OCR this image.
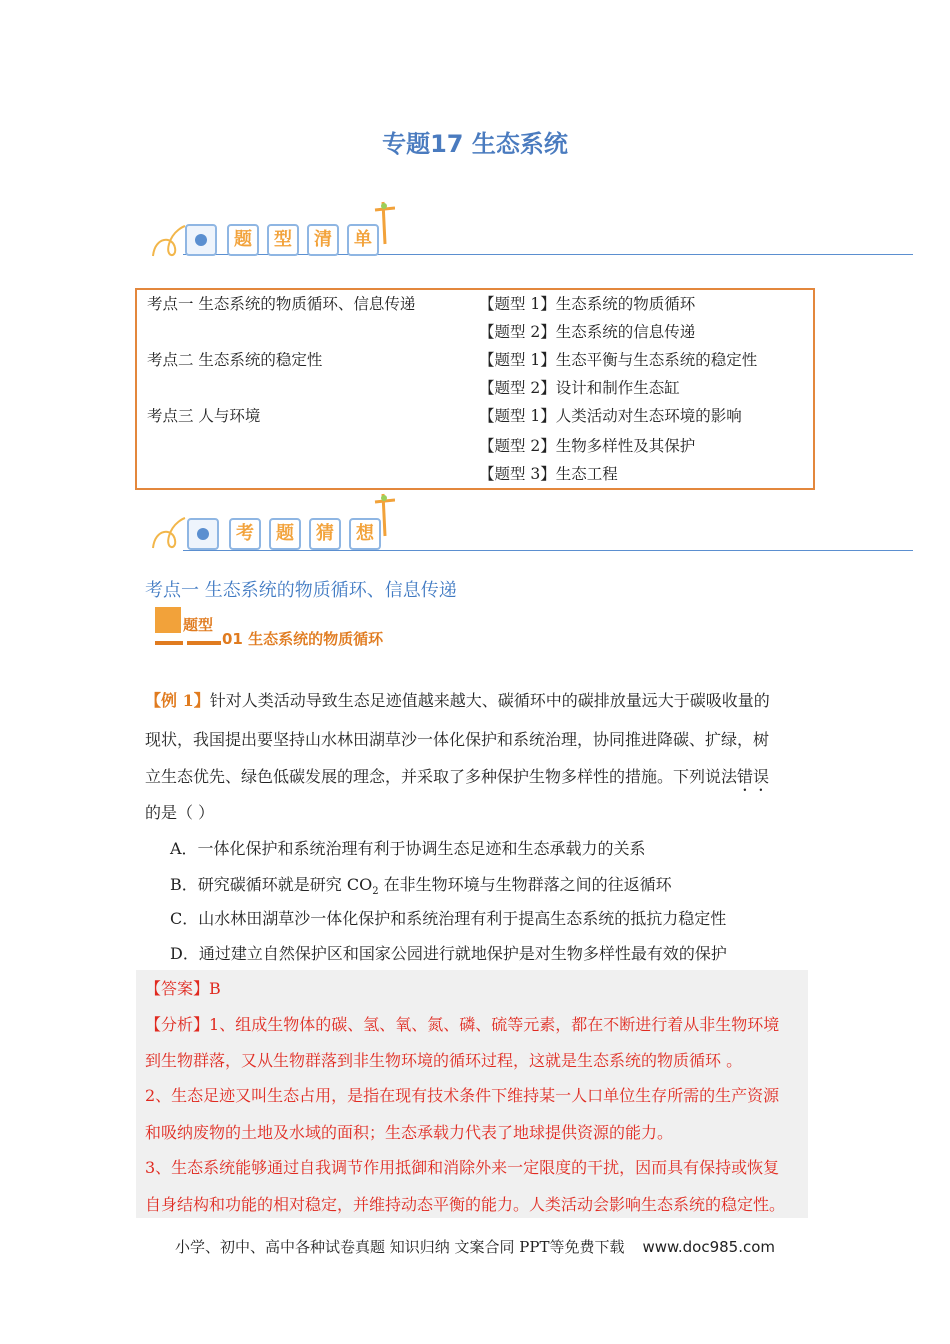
专题17 生态系统
题	型	清	单
考点一 生态系统的物质循环、信息传递	【题型 1】生态系统的物质循环
【题型 2】生态系统的信息传递
考点二 生态系统的稳定性	【题型 1】生态平衡与生态系统的稳定性
【题型 2】设计和制作生态缸
考点三 人与环境	【题型 1】人类活动对生态环境的影响
【题型 2】生物多样性及其保护
【题型 3】生态工程
考	题	猜	想
考点一 生态系统的物质循环、信息传递
题型
01 生态系统的物质循环
【例 1】针对人类活动导致生态足迹值越来越大、碳循环中的碳排放量远大于碳吸收量的
现状，我国提出要坚持山水林田湖草沙一体化保护和系统治理，协同推进降碳、扩绿，树
立生态优先、绿色低碳发展的理念，并采取了多种保护生物多样性的措施。下列说法错误
的是（ ）
A．一体化保护和系统治理有利于协调生态足迹和生态承载力的关系
B．研究碳循环就是研究 $CO_2$ 在非生物环境与生物群落之间的往返循环
C．山水林田湖草沙一体化保护和系统治理有利于提高生态系统的抵抗力稳定性
D．通过建立自然保护区和国家公园进行就地保护是对生物多样性最有效的保护
【答案】B
【分析】1、组成生物体的碳、氢、氧、氮、磷、硫等元素，都在不断进行着从非生物环境
到生物群落，又从生物群落到非生物环境的循环过程，这就是生态系统的物质循环 。
2、生态足迹又叫生态占用，是指在现有技术条件下维持某一人口单位生存所需的生产资源
和吸纳废物的土地及水域的面积；生态承载力代表了地球提供资源的能力。
3、生态系统能够通过自我调节作用抵御和消除外来一定限度的干扰，因而具有保持或恢复
自身结构和功能的相对稳定，并维持动态平衡的能力。人类活动会影响生态系统的稳定性。
小学、初中、高中各种试卷真题 知识归纳 文案合同 PPT等免费下载 www.doc985.com
